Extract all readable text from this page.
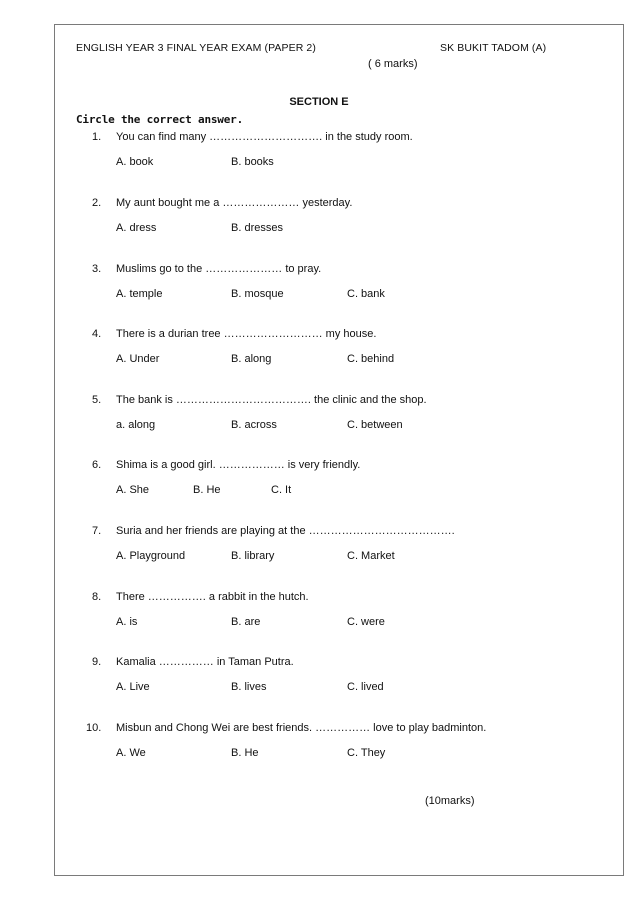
ENGLISH YEAR 3 FINAL YEAR EXAM (PAPER 2)	SK BUKIT TADOM (A)
( 6 marks)
SECTION E
Circle the correct answer.
1. You can find many …………………………. in the study room.
A. book	B. books
2. My aunt bought me a ………………… yesterday.
A. dress	B. dresses
3. Muslims go to the ………………… to pray.
A. temple	B. mosque	C. bank
4. There is a durian tree ……………………… my house.
A. Under	B. along	C. behind
5. The bank is ………………………………. the clinic and the shop.
a. along	B. across	C. between
6. Shima is a good girl. ……………… is very friendly.
A. She	B. He	C. It
7. Suria and her friends are playing at the ………………………………….
A. Playground	B. library	C. Market
8. There ……………. a rabbit in the hutch.
A. is	B. are	C. were
9. Kamalia …………… in Taman Putra.
A. Live	B. lives	C. lived
10. Misbun and Chong Wei are best friends. …………… love to play badminton.
A. We	B. He	C. They
(10marks)
